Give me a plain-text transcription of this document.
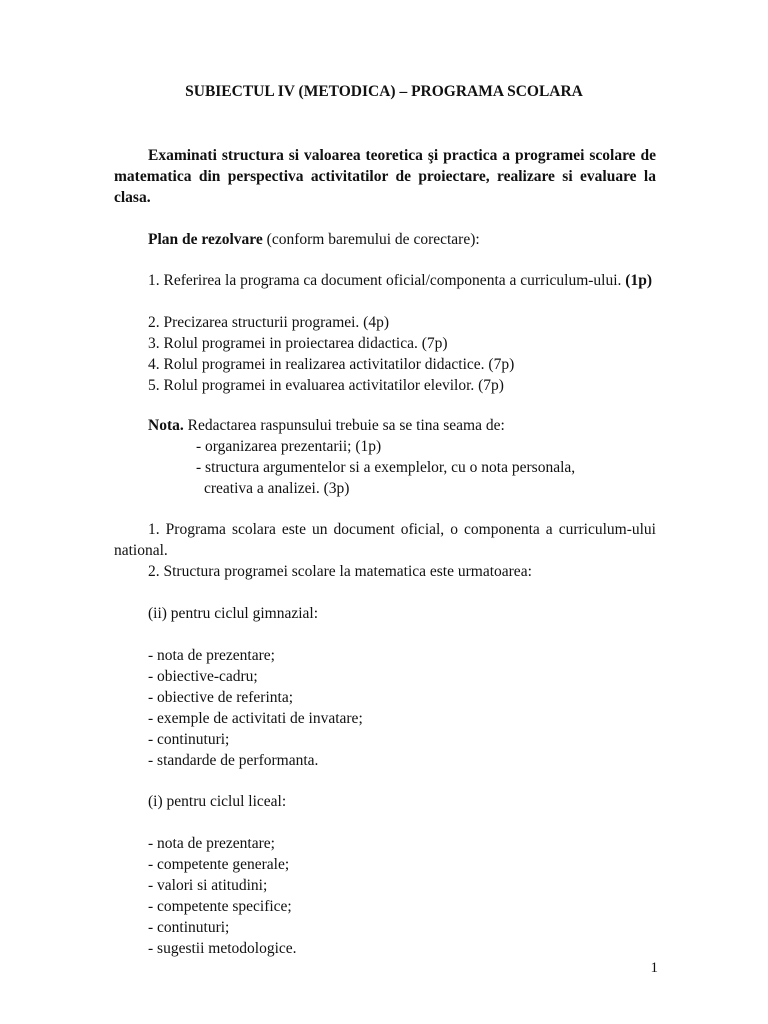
SUBIECTUL IV (METODICA) – PROGRAMA SCOLARA
Examinati structura si valoarea teoretica şi practica a programei scolare de matematica din perspectiva activitatilor de proiectare, realizare si evaluare la clasa.
Plan de rezolvare (conform baremului de corectare):
1. Referirea la programa ca document oficial/componenta a curriculum-ului. (1p)
2. Precizarea structurii programei. (4p)
3. Rolul programei in proiectarea didactica. (7p)
4. Rolul programei in realizarea activitatilor didactice. (7p)
5. Rolul programei in evaluarea activitatilor elevilor. (7p)
Nota. Redactarea raspunsului trebuie sa se tina seama de:
- organizarea prezentarii; (1p)
- structura argumentelor si a exemplelor, cu o nota personala,
creativa a analizei. (3p)
1. Programa scolara este un document oficial, o componenta a curriculum-ului national.
2. Structura programei scolare la matematica este urmatoarea:
(ii) pentru ciclul gimnazial:
- nota de prezentare;
- obiective-cadru;
- obiective de referinta;
- exemple de activitati de invatare;
- continuturi;
- standarde de performanta.
(i) pentru ciclul liceal:
- nota de prezentare;
- competente generale;
- valori si atitudini;
- competente specifice;
- continuturi;
- sugestii metodologice.
1
